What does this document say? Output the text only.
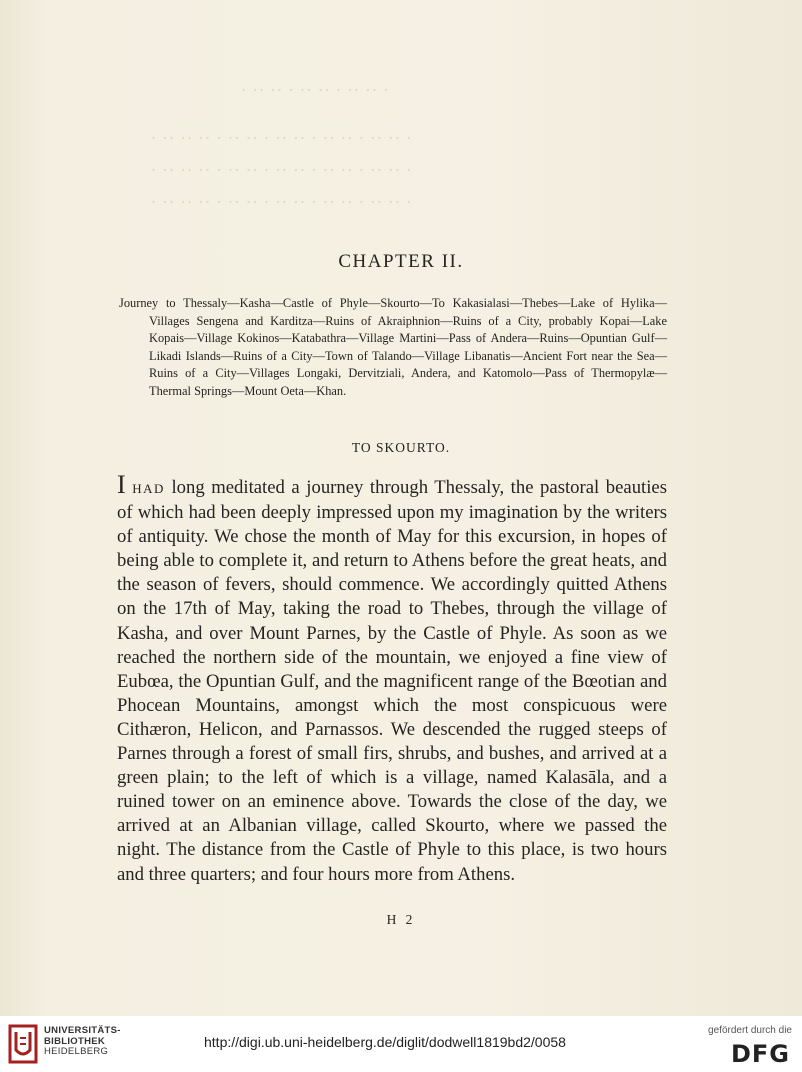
· ·· ·· · ·· ·· · ·· ·· ·
· ·· ·· · ·· ·· · ·· ·· · ·· ·· · ·· ·· ·· ·
· ·· ·· · ·· ·· · ·· ·· · ·· ·· · ·· ·· ·· ·
· ·· ·· · ·· ·· · ·· ·· · ·· ·· · ·· ·· ·· ·
CHAPTER II.
Journey to Thessaly—Kasha—Castle of Phyle—Skourto—To Kakasialasi—Thebes—Lake of Hylika—Villages Sengena and Karditza—Ruins of Akraiphnion—Ruins of a City, probably Kopai—Lake Kopais—Village Kokinos—Katabathra—Village Martini—Pass of Andera—Ruins—Opuntian Gulf—Likadi Islands—Ruins of a City—Town of Talando—Village Libanatis—Ancient Fort near the Sea—Ruins of a City—Villages Longaki, Dervitziali, Andera, and Katomolo—Pass of Thermopylæ—Thermal Springs—Mount Oeta—Khan.
TO SKOURTO.
I HAD long meditated a journey through Thessaly, the pastoral beauties of which had been deeply impressed upon my imagination by the writers of antiquity. We chose the month of May for this excursion, in hopes of being able to complete it, and return to Athens before the great heats, and the season of fevers, should commence. We accordingly quitted Athens on the 17th of May, taking the road to Thebes, through the village of Kasha, and over Mount Parnes, by the Castle of Phyle. As soon as we reached the northern side of the mountain, we enjoyed a fine view of Eubœa, the Opuntian Gulf, and the magnificent range of the Bœotian and Phocean Mountains, amongst which the most conspicuous were Cithæron, Helicon, and Parnassos. We descended the rugged steeps of Parnes through a forest of small firs, shrubs, and bushes, and arrived at a green plain; to the left of which is a village, named Kalasāla, and a ruined tower on an eminence above. Towards the close of the day, we arrived at an Albanian village, called Skourto, where we passed the night. The distance from the Castle of Phyle to this place, is two hours and three quarters; and four hours more from Athens.
H 2
UNIVERSITÄTS-
BIBLIOTHEK
HEIDELBERG
http://digi.ub.uni-heidelberg.de/diglit/dodwell1819bd2/0058
gefördert durch die
DFG
